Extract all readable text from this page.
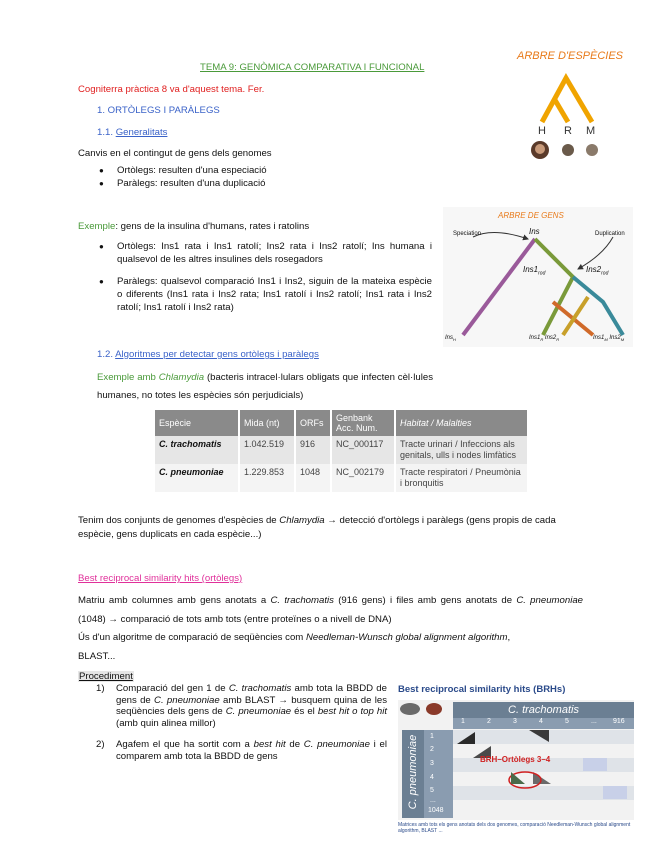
TEMA 9: GENÒMICA COMPARATIVA I FUNCIONAL
Cogniterra pràctica 8 va d'aquest tema. Fer.
1. ORTÒLEGS I PARÀLEGS
1.1. Generalitats
Canvis en el contingut de gens dels genomes
● Ortòlegs: resulten d'una especiació
● Paràlegs: resulten d'una duplicació
Exemple: gens de la insulina d'humans, rates i ratolins
● Ortòlegs: Ins1 rata i Ins1 ratolí; Ins2 rata i Ins2 ratolí; Ins humana i qualsevol de les altres insulines dels rosegadors
● Paràlegs: qualsevol comparació Ins1 i Ins2, siguin de la mateixa espècie o diferents (Ins1 rata i Ins2 rata; Ins1 ratolí i Ins2 ratolí; Ins1 rata i Ins2 ratolí; Ins1 ratolí i Ins2 rata)
ARBRE D'ESPÈCIES
H R M
ARBRE DE GENS
Speciation	Duplication
Ins
$Ins1_{rod}$	$Ins2_{rod}$
Ins$_H$	$Ins1_R$ $Ins2_R$	$Ins1_M$ $Ins2_M$
1.2. Algoritmes per detectar gens ortòlegs i paràlegs
Exemple amb Chlamydia (bacteris intracel·lulars obligats que infecten cèl·lules humanes, no totes les espècies són perjudicials)
Espècie	Mida (nt)	ORFs	Genbank Acc. Num.	Habitat / Malalties
C. trachomatis	1.042.519	916	NC_000117	Tracte urinari / Infeccions als genitals, ulls i nodes limfàtics
C. pneumoniae	1.229.853	1048	NC_002179	Tracte respiratori / Pneumònia i bronquitis
Tenim dos conjunts de genomes d'espècies de Chlamydia → detecció d'ortòlegs i paràlegs (gens propis de cada espècie, gens duplicats en cada espècie...)
Best reciprocal similarity hits (ortòlegs)
Matriu amb columnes amb gens anotats a C. trachomatis (916 gens) i files amb gens anotats de C. pneumoniae (1048) → comparació de tots amb tots (entre proteïnes o a nivell de DNA)
Ús d'un algoritme de comparació de seqüències com Needleman-Wunsch global alignment algorithm,
BLAST...
Procediment
1) Comparació del gen 1 de C. trachomatis amb tota la BBDD de gens de C. pneumoniae amb BLAST → busquem quina de les seqüències dels gens de C. pneumoniae és el best hit o top hit (amb quin alinea millor)
2) Agafem el que ha sortit com a best hit de C. pneumoniae i el comparem amb tota la BBDD de gens
Best reciprocal similarity hits (BRHs)
C. trachomatis
1	2	3	4	5	... 916
C. pneumoniae 1
2
3
4
5
...
1048
BRH–Ortòlegs 3–4
Matrices amb tots els gens anotats dels dos genomes, comparació Needleman-Wunsch global alignment algorithm, BLAST ...
